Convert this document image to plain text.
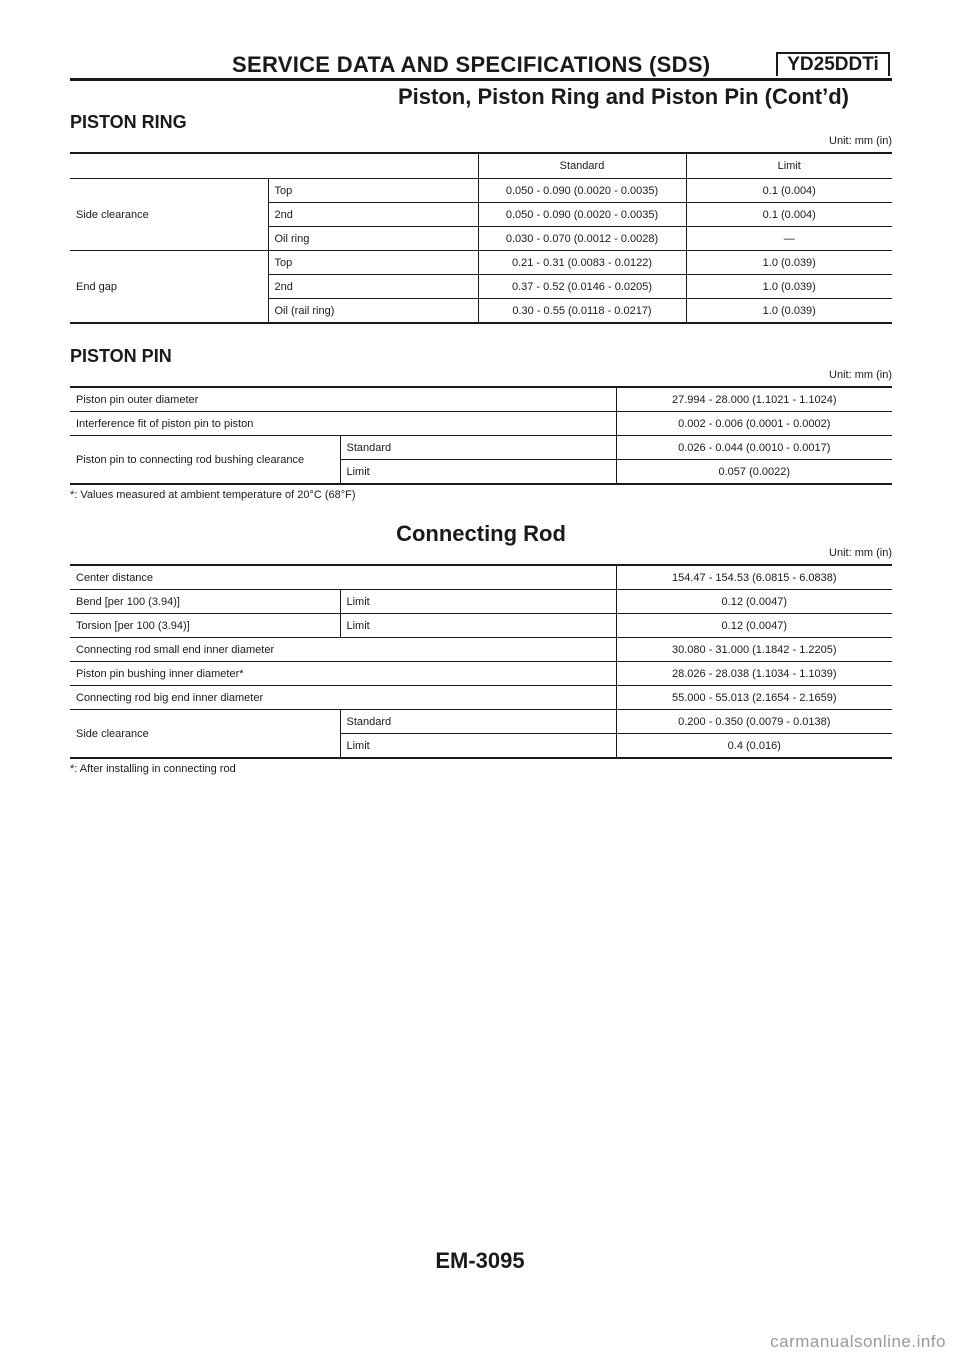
SERVICE DATA AND SPECIFICATIONS (SDS)	YD25DDTi
Piston, Piston Ring and Piston Pin (Cont’d)
PISTON RING
Unit: mm (in)
		Standard	Limit
Side clearance	Top	0.050 - 0.090 (0.0020 - 0.0035)	0.1 (0.004)
	2nd	0.050 - 0.090 (0.0020 - 0.0035)	0.1 (0.004)
	Oil ring	0.030 - 0.070 (0.0012 - 0.0028)	—
End gap	Top	0.21 - 0.31 (0.0083 - 0.0122)	1.0 (0.039)
	2nd	0.37 - 0.52 (0.0146 - 0.0205)	1.0 (0.039)
	Oil (rail ring)	0.30 - 0.55 (0.0118 - 0.0217)	1.0 (0.039)
PISTON PIN
Unit: mm (in)
Piston pin outer diameter		27.994 - 28.000 (1.1021 - 1.1024)
Interference fit of piston pin to piston		0.002 - 0.006 (0.0001 - 0.0002)
Piston pin to connecting rod bushing clearance	Standard	0.026 - 0.044 (0.0010 - 0.0017)
	Limit	0.057 (0.0022)
*: Values measured at ambient temperature of 20°C (68°F)
Connecting Rod
Unit: mm (in)
Center distance		154.47 - 154.53 (6.0815 - 6.0838)
Bend [per 100 (3.94)]	Limit	0.12 (0.0047)
Torsion [per 100 (3.94)]	Limit	0.12 (0.0047)
Connecting rod small end inner diameter		30.080 - 31.000 (1.1842 - 1.2205)
Piston pin bushing inner diameter*		28.026 - 28.038 (1.1034 - 1.1039)
Connecting rod big end inner diameter		55.000 - 55.013 (2.1654 - 2.1659)
Side clearance	Standard	0.200 - 0.350 (0.0079 - 0.0138)
	Limit	0.4 (0.016)
*: After installing in connecting rod
EM-3095
carmanualsonline.info
